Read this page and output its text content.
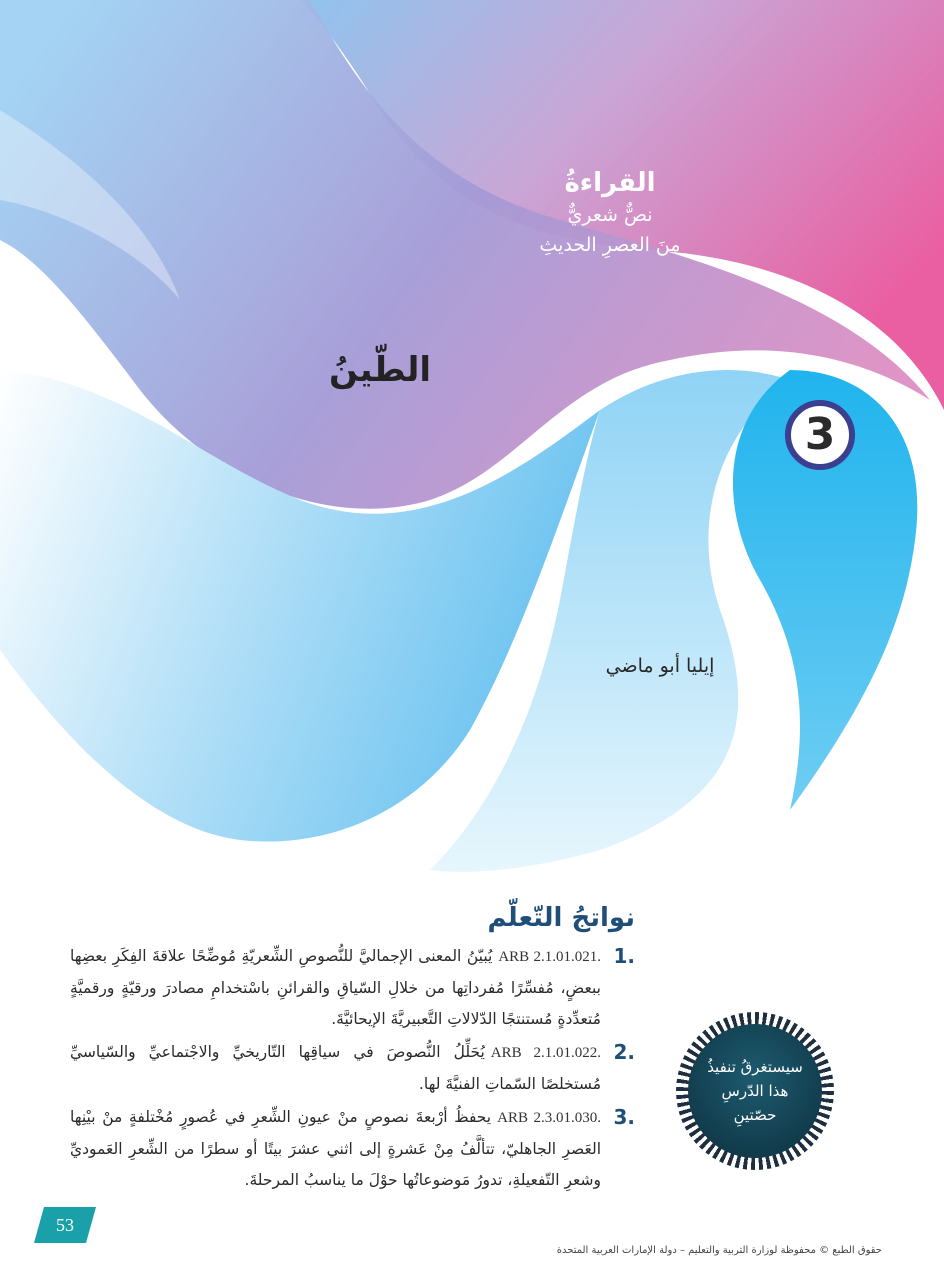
القراءةُ
نصٌّ شعريٌّ
منَ العصرِ الحديثِ
الطّينُ
3
إيليا أبو ماضي
نواتجُ التّعلّم
.1
ARB 2.1.01.021.يُبيّنُ المعنى الإجماليَّ للنُّصوصِ الشِّعريّةِ مُوضِّحًا علاقةَ الفِكَرِ بعضِها ببعضٍ، مُفسِّرًا مُفرداتِها من خلالِ السّياقِ والقرائنِ باسْتخدامِ مصادرَ ورقيّةٍ ورقميَّةٍ مُتعدِّدةٍ مُستنتجًا الدّلالاتِ التَّعبيريَّةَ الإيحائيَّةَ.
.2
ARB 2.1.01.022.يُحَلِّلُ النُّصوصَ في سياقِها التّاريخيِّ والاجْتماعيِّ والسّياسيِّ مُستخلصًا السّماتِ الفنيَّةَ لها.
.3
ARB 2.3.01.030.يحفظُ أرْبعةَ نصوصٍ منْ عيونِ الشِّعرِ في عُصورٍ مُخْتلفةٍ منْ بيْنِها العَصرِ الجاهليّ، تتألَّفُ مِنْ عَشرةٍ إلى اثني عشرَ بيتًا أو سطرًا من الشِّعرِ العَموديِّ وشعرِ التّفعيلةِ، تدورُ مَوضوعاتُها حوْلَ ما يناسبُ المرحلةَ.
سيستغرقُ تنفيذُ
هذا الدّرسِ
حصّتينِ
53
حقوق الطبع © محفوظة لوزارة التربية والتعليم – دولة الإمارات العربية المتحدة
